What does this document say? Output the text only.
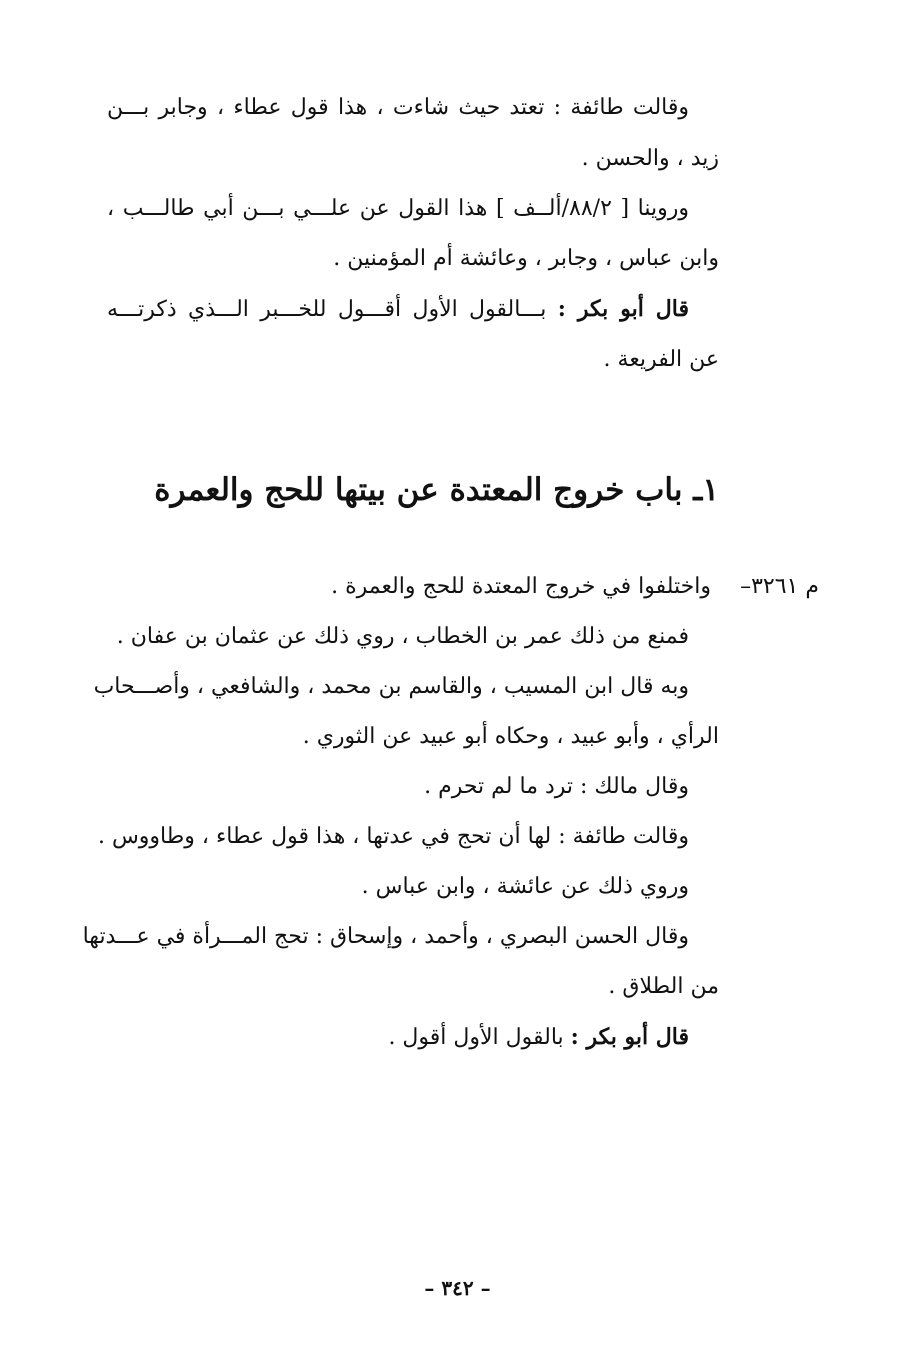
وقالت طائفة : تعتد حيث شاءت ، هذا قول عطاء ، وجابر بـــن
زيد ، والحسن .
وروينا [ ٨٨/٢/ألــف ] هذا القول عن علـــي بـــن أبي طالـــب ،
وابن عباس ، وجابر ، وعائشة أم المؤمنين .
قال أبو بكر : بـــالقول الأول أقـــول للخـــبر الـــذي ذكرتـــه
عن الفريعة .
١ـ باب خروج المعتدة عن بيتها للحج والعمرة
م ٣٢٦١–
واختلفوا في خروج المعتدة للحج والعمرة .
فمنع من ذلك عمر بن الخطاب ، روي ذلك عن عثمان بن عفان .
وبه قال ابن المسيب ، والقاسم بن محمد ، والشافعي ، وأصـــحاب
الرأي ، وأبو عبيد ، وحكاه أبو عبيد عن الثوري .
وقال مالك : ترد ما لم تحرم .
وقالت طائفة : لها أن تحج في عدتها ، هذا قول عطاء ، وطاووس .
وروي ذلك عن عائشة ، وابن عباس .
وقال الحسن البصري ، وأحمد ، وإسحاق : تحج المـــرأة في عـــدتها
من الطلاق .
قال أبو بكر : بالقول الأول أقول .
– ٣٤٢ –
